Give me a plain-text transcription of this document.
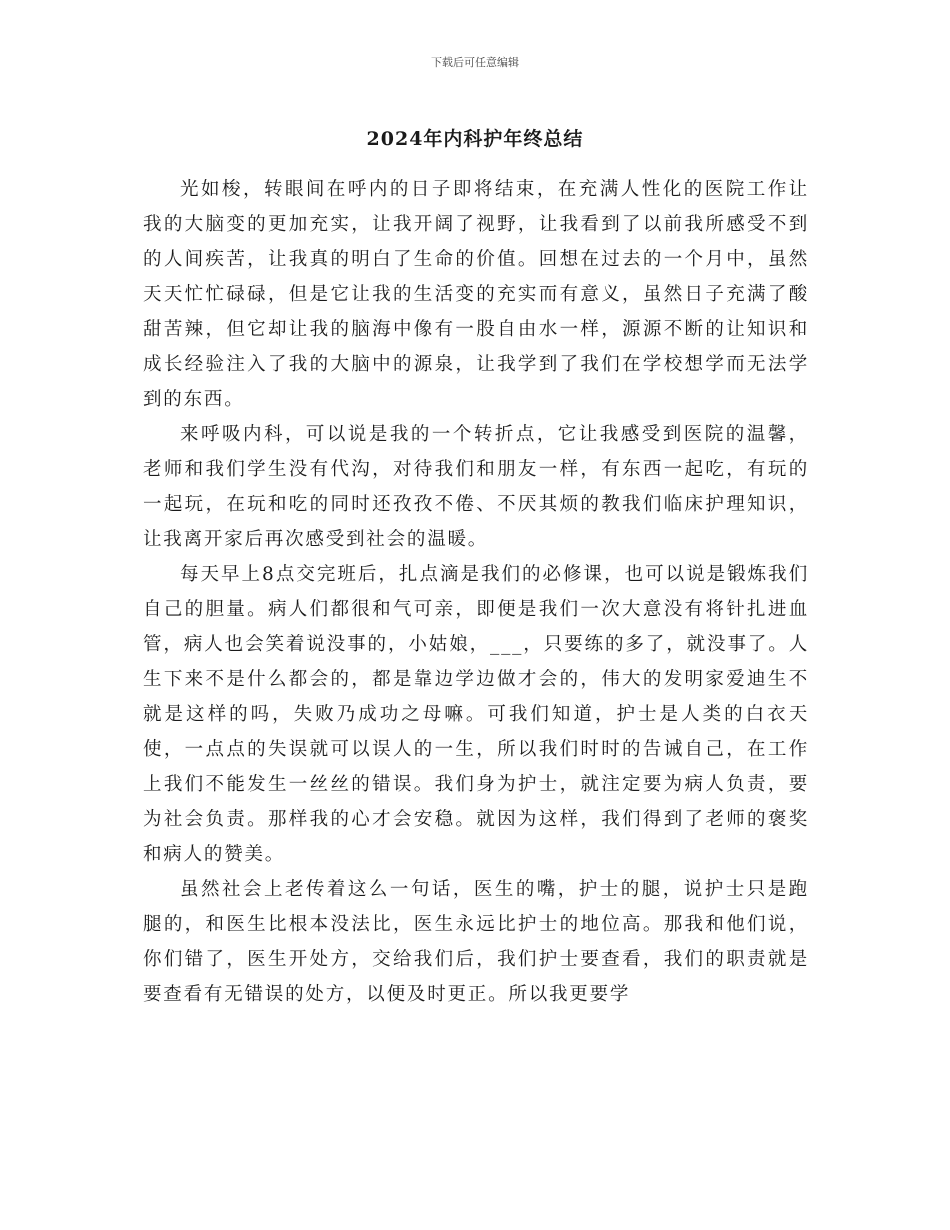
下载后可任意编辑
2024年内科护年终总结

光如梭，转眼间在呼内的日子即将结束，在充满人性化的医院工作让我的大脑变的更加充实，让我开阔了视野，让我看到了以前我所感受不到的人间疾苦，让我真的明白了生命的价值。回想在过去的一个月中，虽然天天忙忙碌碌，但是它让我的生活变的充实而有意义，虽然日子充满了酸甜苦辣，但它却让我的脑海中像有一股自由水一样，源源不断的让知识和成长经验注入了我的大脑中的源泉，让我学到了我们在学校想学而无法学到的东西。

来呼吸内科，可以说是我的一个转折点，它让我感受到医院的温馨，老师和我们学生没有代沟，对待我们和朋友一样，有东西一起吃，有玩的一起玩，在玩和吃的同时还孜孜不倦、不厌其烦的教我们临床护理知识，让我离开家后再次感受到社会的温暖。

每天早上8点交完班后，扎点滴是我们的必修课，也可以说是锻炼我们自己的胆量。病人们都很和气可亲，即便是我们一次大意没有将针扎进血管，病人也会笑着说没事的，小姑娘，___，只要练的多了，就没事了。人生下来不是什么都会的，都是靠边学边做才会的，伟大的发明家爱迪生不就是这样的吗，失败乃成功之母嘛。可我们知道，护士是人类的白衣天使，一点点的失误就可以误人的一生，所以我们时时的告诫自己，在工作上我们不能发生一丝丝的错误。我们身为护士，就注定要为病人负责，要为社会负责。那样我的心才会安稳。就因为这样，我们得到了老师的褒奖和病人的赞美。

虽然社会上老传着这么一句话，医生的嘴，护士的腿，说护士只是跑腿的，和医生比根本没法比，医生永远比护士的地位高。那我和他们说，你们错了，医生开处方，交给我们后，我们护士要查看，我们的职责就是要查看有无错误的处方，以便及时更正。所以我更要学
